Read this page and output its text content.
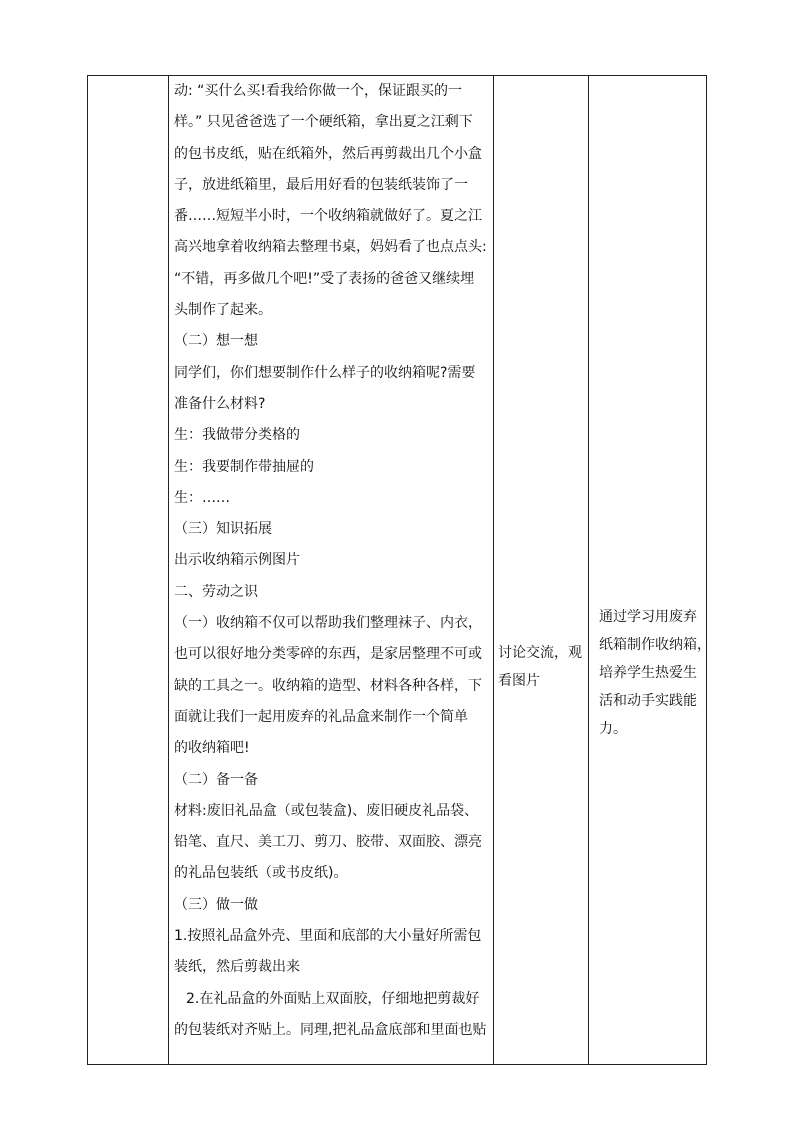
动: “买什么买!看我给你做一个，保证跟买的一
样。” 只见爸爸选了一个硬纸箱，拿出夏之江剩下
的包书皮纸，贴在纸箱外，然后再剪裁出几个小盒
子，放进纸箱里，最后用好看的包装纸装饰了一
番……短短半小时，一个收纳箱就做好了。夏之江
高兴地拿着收纳箱去整理书桌，妈妈看了也点点头:
“不错，再多做几个吧!”受了表扬的爸爸又继续埋
头制作了起来。
（二）想一想
同学们，你们想要制作什么样子的收纳箱呢?需要
准备什么材料?
生：我做带分类格的
生：我要制作带抽屉的
生：……
（三）知识拓展
出示收纳箱示例图片
二、劳动之识
（一）收纳箱不仅可以帮助我们整理袜子、内衣，
也可以很好地分类零碎的东西，是家居整理不可或
缺的工具之一。收纳箱的造型、材料各种各样，下
面就让我们一起用废弃的礼品盒来制作一个简单
的收纳箱吧!
（二）备一备
材料:废旧礼品盒（或包装盒)、废旧硬皮礼品袋、
铅笔、直尺、美工刀、剪刀、胶带、双面胶、漂亮
的礼品包装纸（或书皮纸)。
（三）做一做
1.按照礼品盒外壳、里面和底部的大小量好所需包
装纸，然后剪裁出来
2.在礼品盒的外面贴上双面胶，仔细地把剪裁好
的包装纸对齐贴上。同理,把礼品盒底部和里面也贴
讨论交流，观
看图片
通过学习用废弃
纸箱制作收纳箱，
培养学生热爱生
活和动手实践能
力。
